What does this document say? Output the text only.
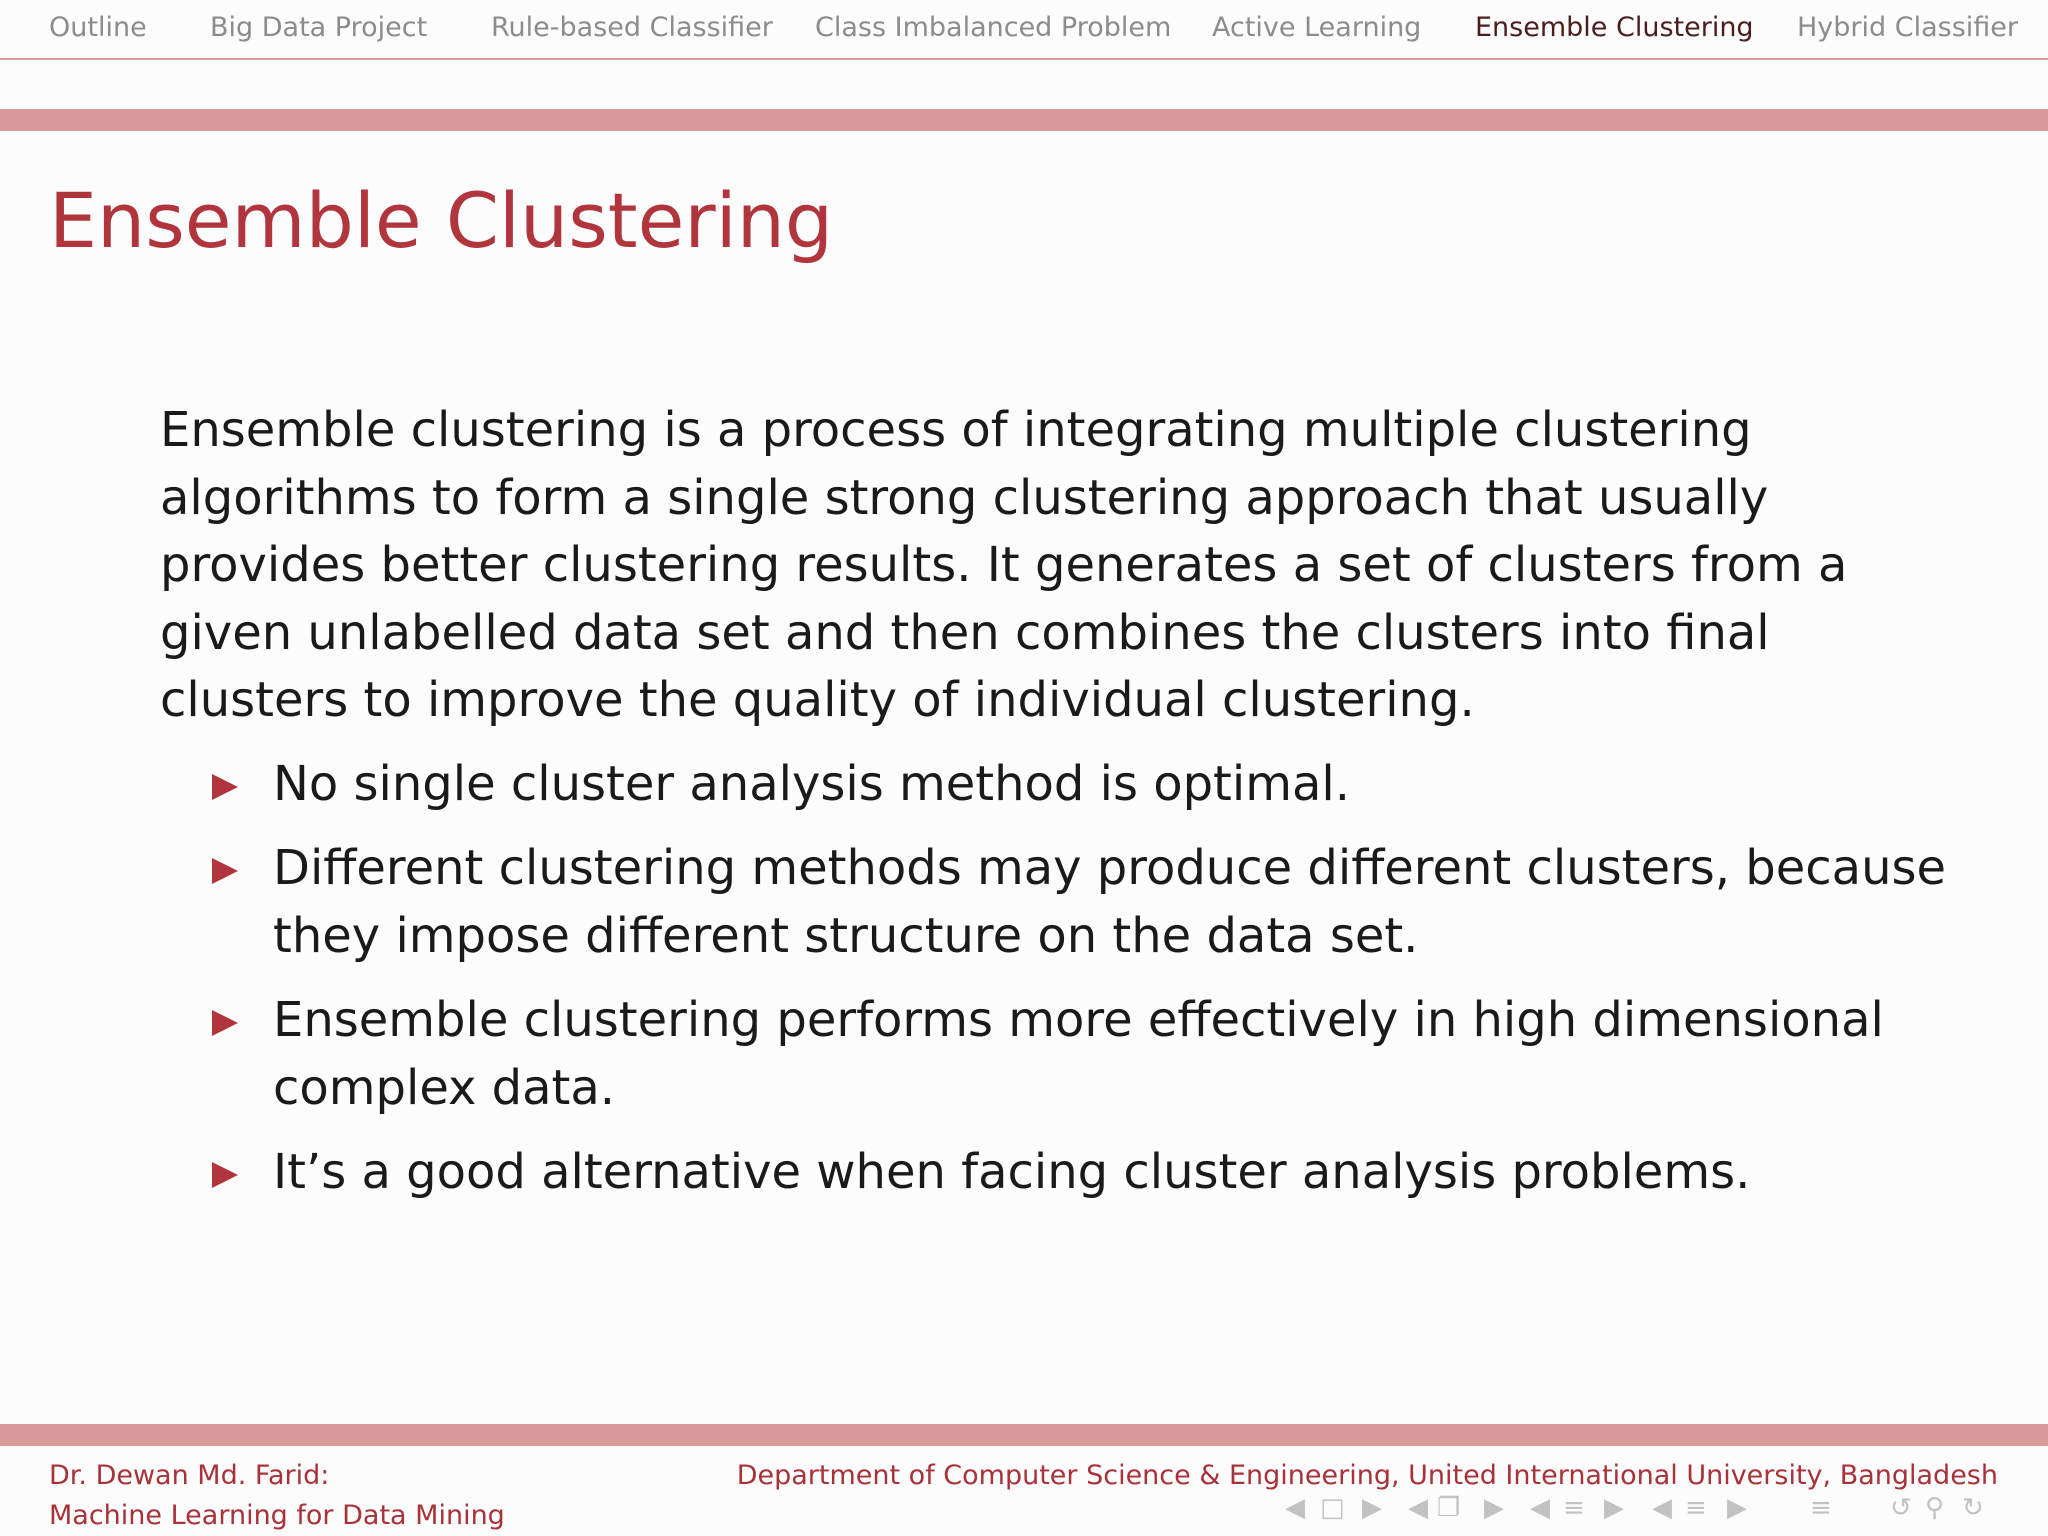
Outline Big Data Project Rule-based Classifier Class Imbalanced Problem Active Learning Ensemble Clustering Hybrid Classifier
Ensemble Clustering
Ensemble clustering is a process of integrating multiple clustering
algorithms to form a single strong clustering approach that usually
provides better clustering results. It generates a set of clusters from a
given unlabelled data set and then combines the clusters into final
clusters to improve the quality of individual clustering.
No single cluster analysis method is optimal.
Different clustering methods may produce different clusters, because
they impose different structure on the data set.
Ensemble clustering performs more effectively in high dimensional
complex data.
It’s a good alternative when facing cluster analysis problems.
Dr. Dewan Md. Farid:
Machine Learning for Data Mining
Department of Computer Science & Engineering, United International University, Bangladesh
◀ □ ▶ ◀ ❐ ▶ ◀ ≡ ▶ ◀ ≡ ▶ ≡ ↺ ⚲ ↻
